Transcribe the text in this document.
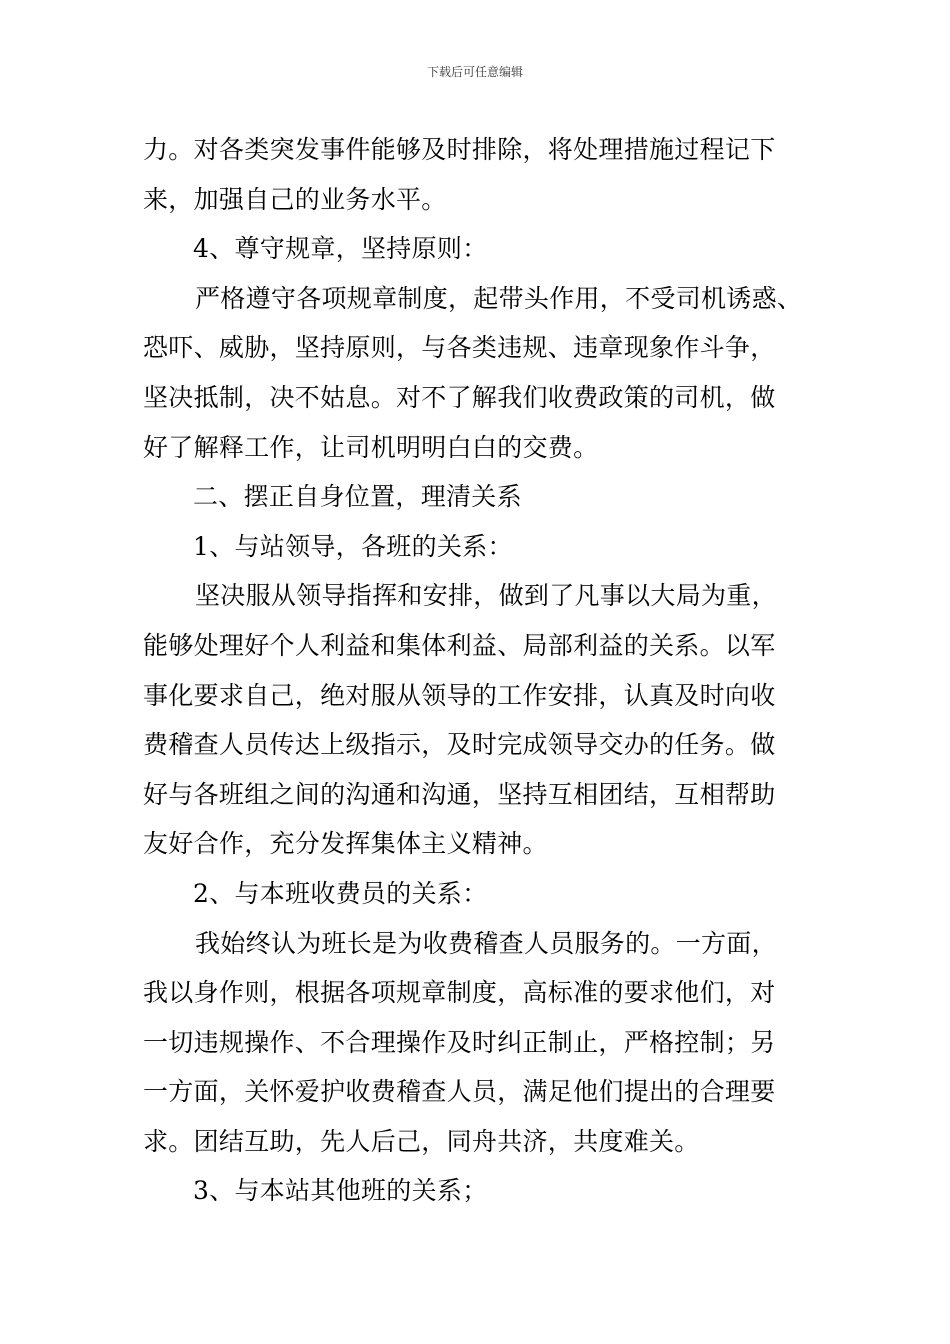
下载后可任意编辑
力。对各类突发事件能够及时排除，将处理措施过程记下
来，加强自己的业务水平。
4、尊守规章，坚持原则：
严格遵守各项规章制度，起带头作用，不受司机诱惑、
恐吓、威胁，坚持原则，与各类违规、违章现象作斗争，
坚决抵制，决不姑息。对不了解我们收费政策的司机，做
好了解释工作，让司机明明白白的交费。
二、摆正自身位置，理清关系
1、与站领导，各班的关系：
坚决服从领导指挥和安排，做到了凡事以大局为重，
能够处理好个人利益和集体利益、局部利益的关系。以军
事化要求自己，绝对服从领导的工作安排，认真及时向收
费稽查人员传达上级指示，及时完成领导交办的任务。做
好与各班组之间的沟通和沟通，坚持互相团结，互相帮助
友好合作，充分发挥集体主义精神。
2、与本班收费员的关系：
我始终认为班长是为收费稽查人员服务的。一方面，
我以身作则，根据各项规章制度，高标准的要求他们，对
一切违规操作、不合理操作及时纠正制止，严格控制；另
一方面，关怀爱护收费稽查人员，满足他们提出的合理要
求。团结互助，先人后己，同舟共济，共度难关。
3、与本站其他班的关系；
